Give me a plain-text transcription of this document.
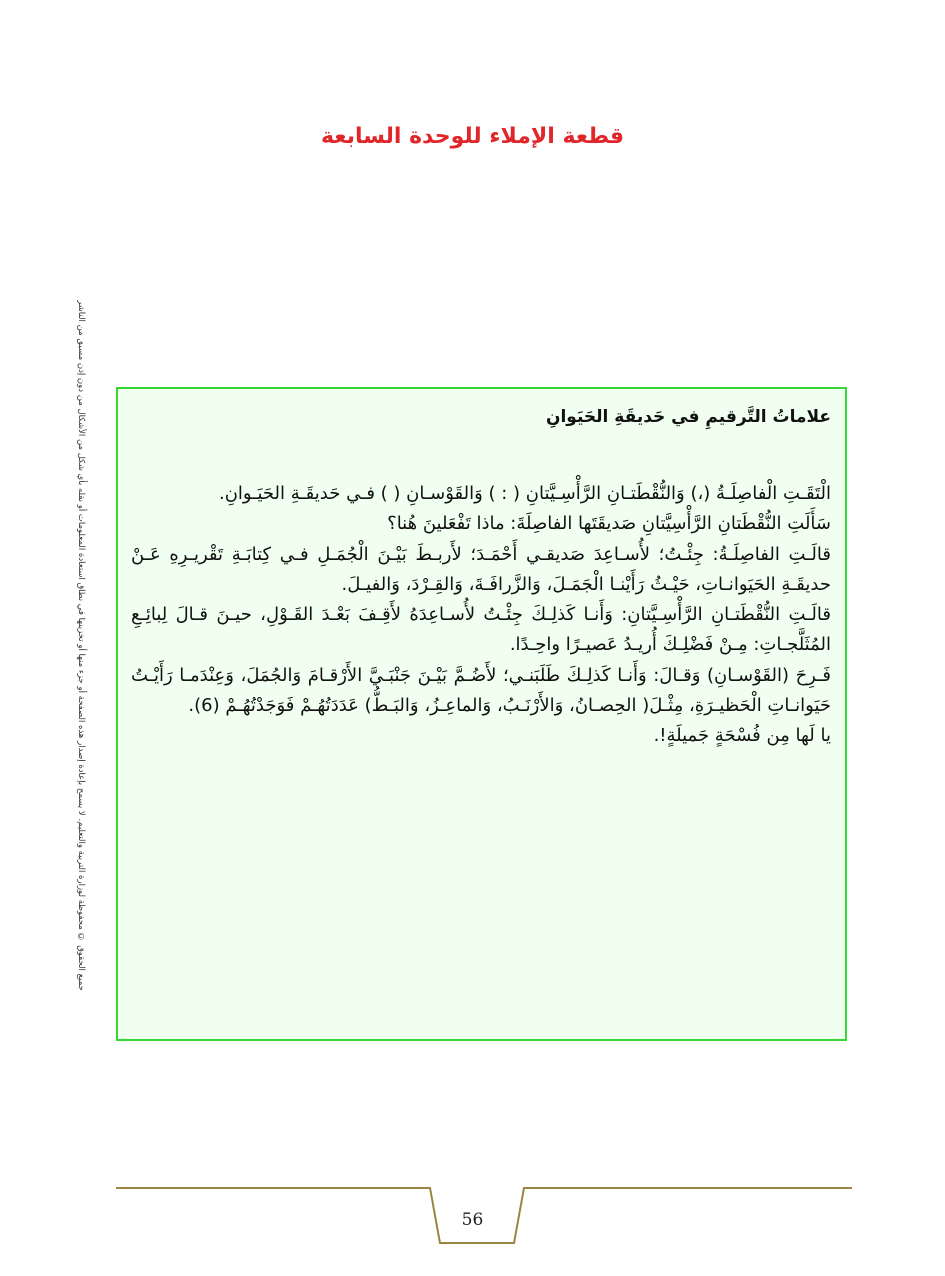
قطعة الإملاء للوحدة السابعة
جميع الحقوق © محفوظة لوزارة التربية والتعليم. لا يسمح بإعادة إصدار هذه الصفحة أو جزء منها أو تخزينها في نطاق استعادة المعلومات أو نقله بأي شكل من الأشكال من دون إذن مسبق من الناشر	علاماتُ التَّرقيمِ في حَديقَةِ الحَيَوانِ

الْتَقَـتِ الْفاصِلَـةُ (،) وَالنُّقْطَتـانِ الرَّأْسِـيَّتانِ ( : ) وَالقَوْسـانِ ( ) فـي حَديقَـةِ الحَيَـوانِ.

سَأَلَتِ النُّقْطَتانِ الرَّأْسِيَّتانِ صَديقَتَها الفاصِلَةَ: ماذا تَفْعَلينَ هُنا؟

قالَـتِ الفاصِلَـةُ: جِئْـتُ؛ لأُسـاعِدَ صَديقـي أَحْمَـدَ؛ لأَربـطَ بَيْـنَ الْجُمَـلِ فـي كِتابَـةِ تَقْريـرِهِ عَـنْ حديقَـةِ الحَيَوانـاتِ، حَيْـثُ رَأَيْنـا الْجَمَـلَ، وَالزَّرافَـةَ، وَالقِـرْدَ، وَالفيـلَ.

قالَـتِ النُّقْطَتـانِ الرَّأْسِـيَّتانِ: وَأَنـا كَذلِـكَ جِئْـتُ لأُسـاعِدَهُ لأَقِـفَ بَعْـدَ القَـوْلِ، حيـنَ قـالَ لِبائِـعِ المُثَلَّجـاتِ: مِـنْ فَضْلِـكَ أُريـدُ عَصيـرًا واحِـدًا.

فَـرِحَ (القَوْسـانِ) وَقـالَ: وَأَنـا كَذلِـكَ طَلَبَنـي؛ لأَضُـمَّ بَيْـنَ جَنْبَـيَّ الأَرْقـامَ وَالجُمَلَ، وَعِنْدَمـا رَأَيْـتُ حَيَوانـاتِ الْحَظيـرَةِ، مِثْـلَ( الحِصـانُ، وَالأَرْنَـبُ، وَالماعِـزُ، وَالبَـطُّ) عَدَدَتُهُـمْ فَوَجَدْتُهُـمْ (6).

يا لَها مِن فُسْحَةٍ جَميلَةٍ!.

56
